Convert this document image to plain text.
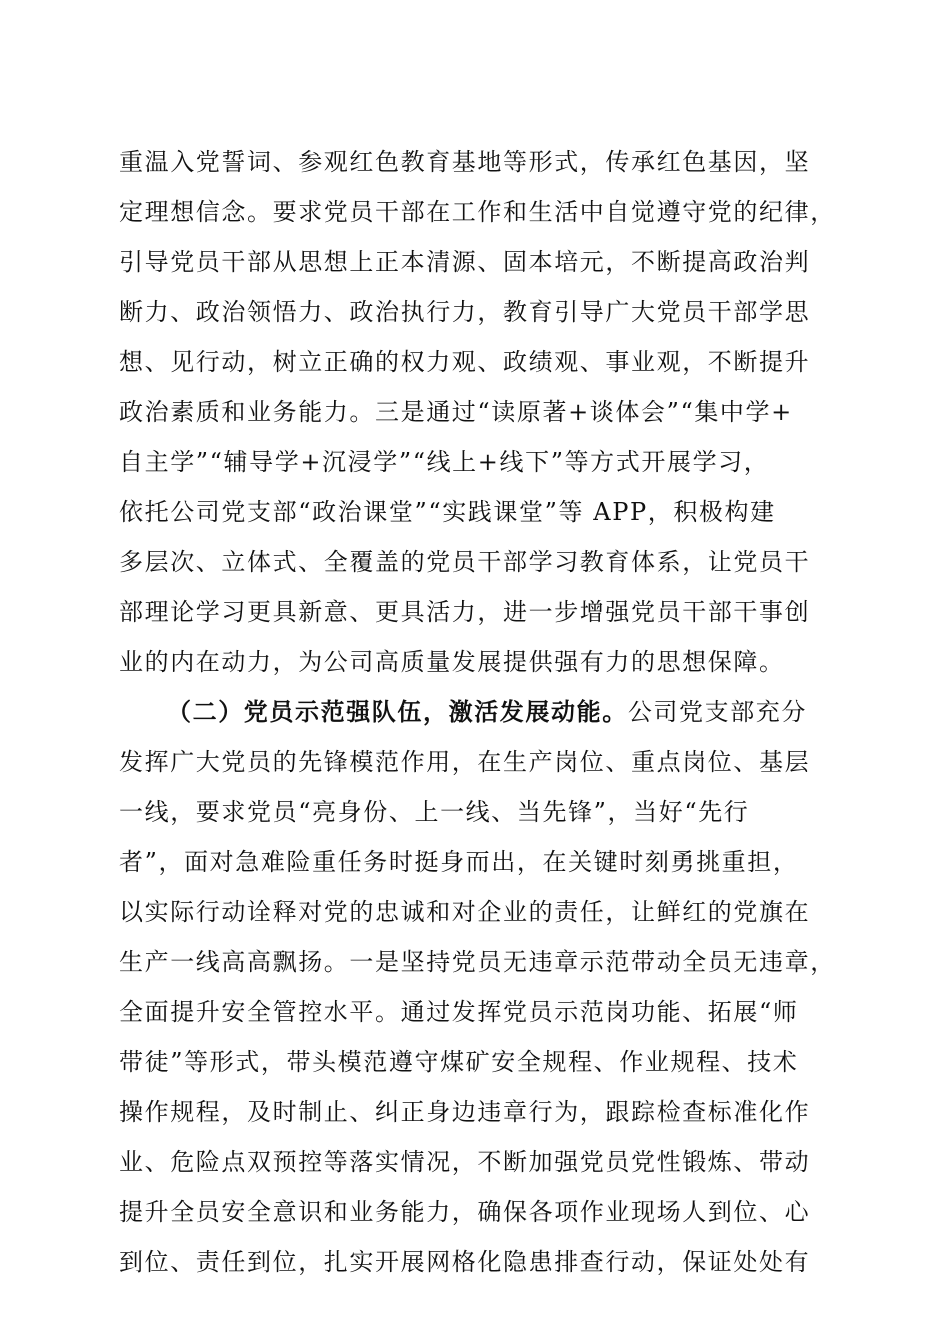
重温入党誓词、参观红色教育基地等形式，传承红色基因，坚
定理想信念。要求党员干部在工作和生活中自觉遵守党的纪律，
引导党员干部从思想上正本清源、固本培元，不断提高政治判
断力、政治领悟力、政治执行力，教育引导广大党员干部学思
想、见行动，树立正确的权力观、政绩观、事业观，不断提升
政治素质和业务能力。三是通过“读原著+谈体会”“集中学+
自主学”“辅导学+沉浸学”“线上+线下”等方式开展学习，
依托公司党支部“政治课堂”“实践课堂”等 APP，积极构建
多层次、立体式、全覆盖的党员干部学习教育体系，让党员干
部理论学习更具新意、更具活力，进一步增强党员干部干事创
业的内在动力，为公司高质量发展提供强有力的思想保障。
（二）党员示范强队伍，激活发展动能。公司党支部充分
发挥广大党员的先锋模范作用，在生产岗位、重点岗位、基层
一线，要求党员“亮身份、上一线、当先锋”，当好“先行
者”，面对急难险重任务时挺身而出，在关键时刻勇挑重担，
以实际行动诠释对党的忠诚和对企业的责任，让鲜红的党旗在
生产一线高高飘扬。一是坚持党员无违章示范带动全员无违章，
全面提升安全管控水平。通过发挥党员示范岗功能、拓展“师
带徒”等形式，带头模范遵守煤矿安全规程、作业规程、技术
操作规程，及时制止、纠正身边违章行为，跟踪检查标准化作
业、危险点双预控等落实情况，不断加强党员党性锻炼、带动
提升全员安全意识和业务能力，确保各项作业现场人到位、心
到位、责任到位，扎实开展网格化隐患排查行动，保证处处有
